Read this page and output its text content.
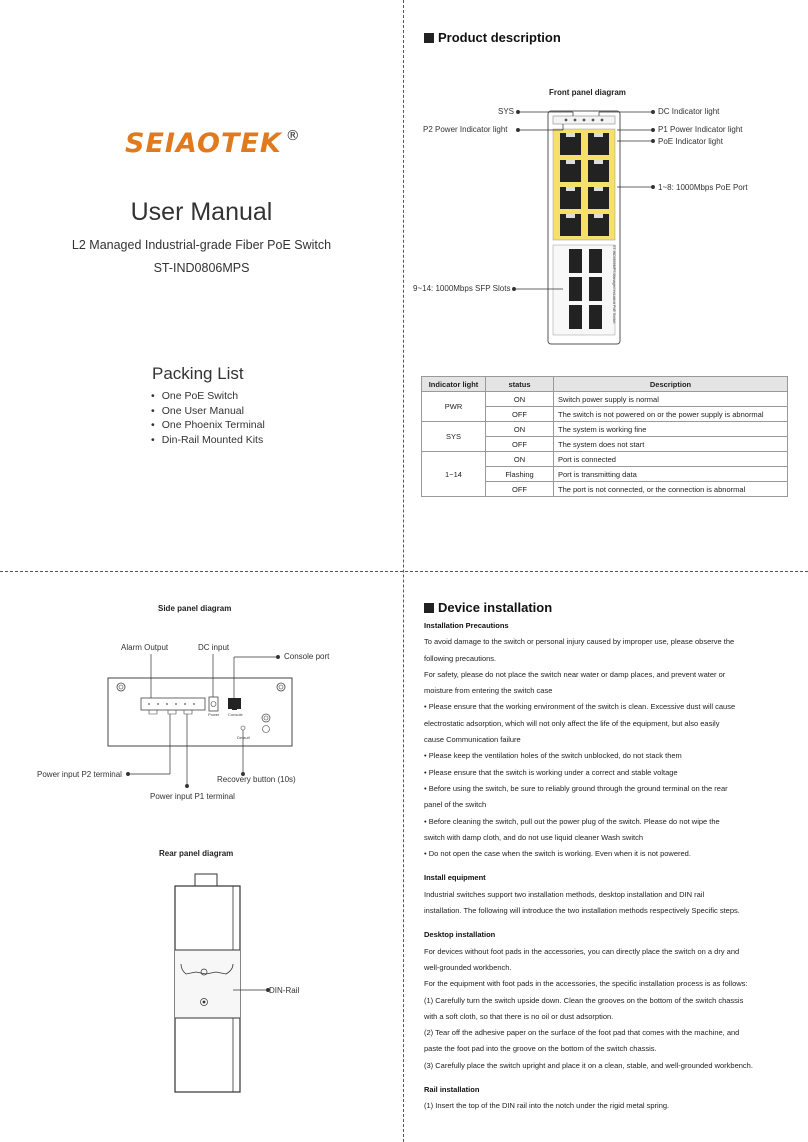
SEIAOTEK ®
User Manual
L2 Managed Industrial-grade Fiber PoE Switch
ST-IND0806MPS
Packing List
• One PoE Switch
• One User Manual
• One Phoenix Terminal
• Din-Rail Mounted Kits
Product description
Front panel diagram
ST-IND0806MPS Managed Industrial PoE Switch
SYS
P2 Power Indicator light
DC Indicator light
P1 Power Indicator light
PoE Indicator light
1~8: 1000Mbps PoE Port
9~14: 1000Mbps SFP Slots
Indicator light	status	Description
PWR	ON	Switch power supply is normal
	OFF	The switch is not powered on or the power supply is abnormal
SYS	ON	The system is working fine
	OFF	The system does not start
1~14	ON	Port is connected
	Flashing	Port is transmitting data
	OFF	The port is not connected, or the connection is abnormal
Side panel diagram
Alarm Output	DC input
Console port
Power input P2 terminal
Recovery button (10s)
Power input P1 terminal
Power Console
Default
Rear panel diagram
DIN-Rail
Device installation
Installation Precautions
To avoid damage to the switch or personal injury caused by improper use, please observe the
following precautions.
For safety, please do not place the switch near water or damp places, and prevent water or
moisture from entering the switch case
• Please ensure that the working environment of the switch is clean. Excessive dust will cause
electrostatic adsorption, which will not only affect the life of the equipment, but also easily
cause Communication failure
• Please keep the ventilation holes of the switch unblocked, do not stack them
• Please ensure that the switch is working under a correct and stable voltage
• Before using the switch, be sure to reliably ground through the ground terminal on the rear
panel of the switch
• Before cleaning the switch, pull out the power plug of the switch. Please do not wipe the
switch with damp cloth, and do not use liquid cleaner Wash switch
• Do not open the case when the switch is working. Even when it is not powered.
Install equipment
Industrial switches support two installation methods, desktop installation and DIN rail
installation. The following will introduce the two installation methods respectively Specific steps.
Desktop installation
For devices without foot pads in the accessories, you can directly place the switch on a dry and
well-grounded workbench.
For the equipment with foot pads in the accessories, the specific installation process is as follows:
(1) Carefully turn the switch upside down. Clean the grooves on the bottom of the switch chassis
with a soft cloth, so that there is no oil or dust adsorption.
(2) Tear off the adhesive paper on the surface of the foot pad that comes with the machine, and
paste the foot pad into the groove on the bottom of the switch chassis.
(3) Carefully place the switch upright and place it on a clean, stable, and well-grounded workbench.
Rail installation
(1) Insert the top of the DIN rail into the notch under the rigid metal spring.
